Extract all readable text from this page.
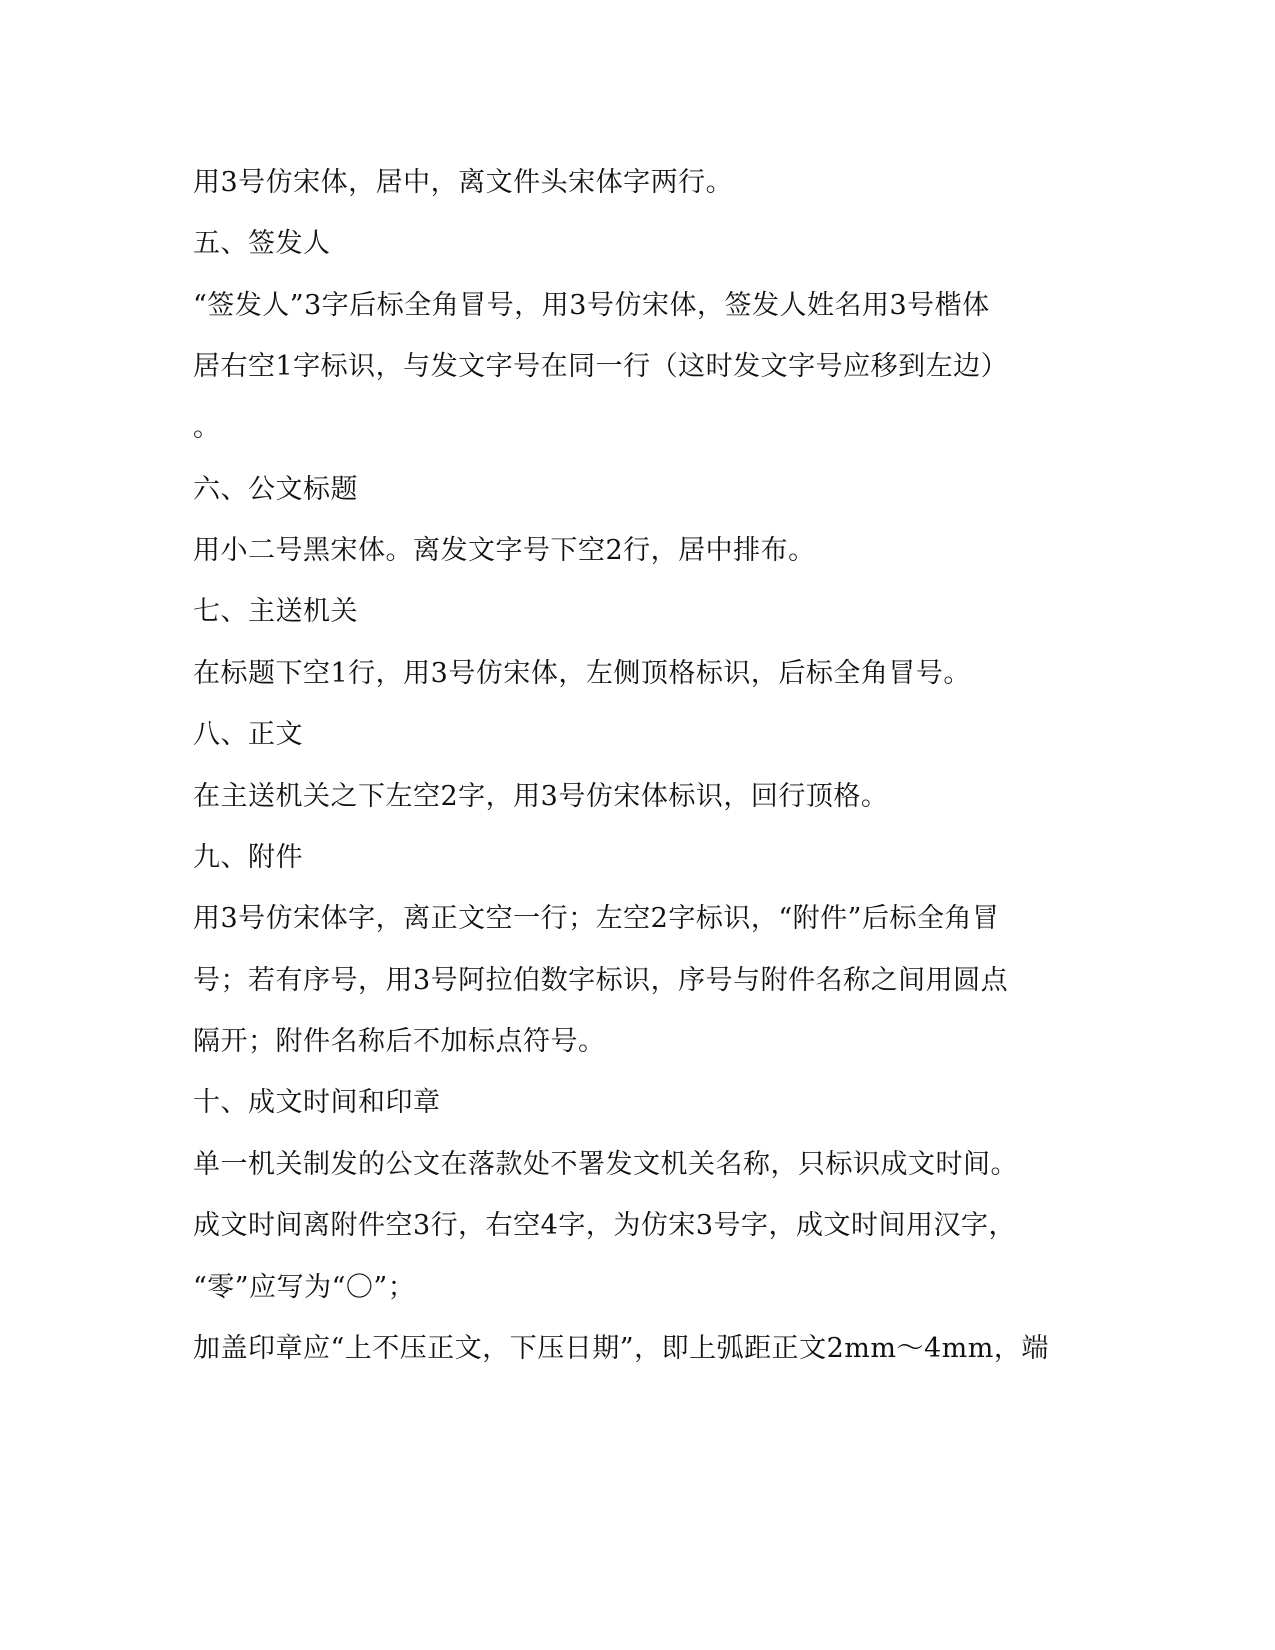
用3号仿宋体，居中，离文件头宋体字两行。

五、签发人

“签发人”3字后标全角冒号，用3号仿宋体，签发人姓名用3号楷体

居右空1字标识，与发文字号在同一行（这时发文字号应移到左边）

。

六、公文标题

用小二号黑宋体。离发文字号下空2行，居中排布。

七、主送机关

在标题下空1行，用3号仿宋体，左侧顶格标识，后标全角冒号。

八、正文

在主送机关之下左空2字，用3号仿宋体标识，回行顶格。

九、附件

用3号仿宋体字，离正文空一行；左空2字标识，“附件”后标全角冒

号；若有序号，用3号阿拉伯数字标识，序号与附件名称之间用圆点

隔开；附件名称后不加标点符号。

十、成文时间和印章

单一机关制发的公文在落款处不署发文机关名称，只标识成文时间。

成文时间离附件空3行，右空4字，为仿宋3号字，成文时间用汉字，

“零”应写为“〇”；

加盖印章应“上不压正文，下压日期”，即上弧距正文2mm～4mm，端
